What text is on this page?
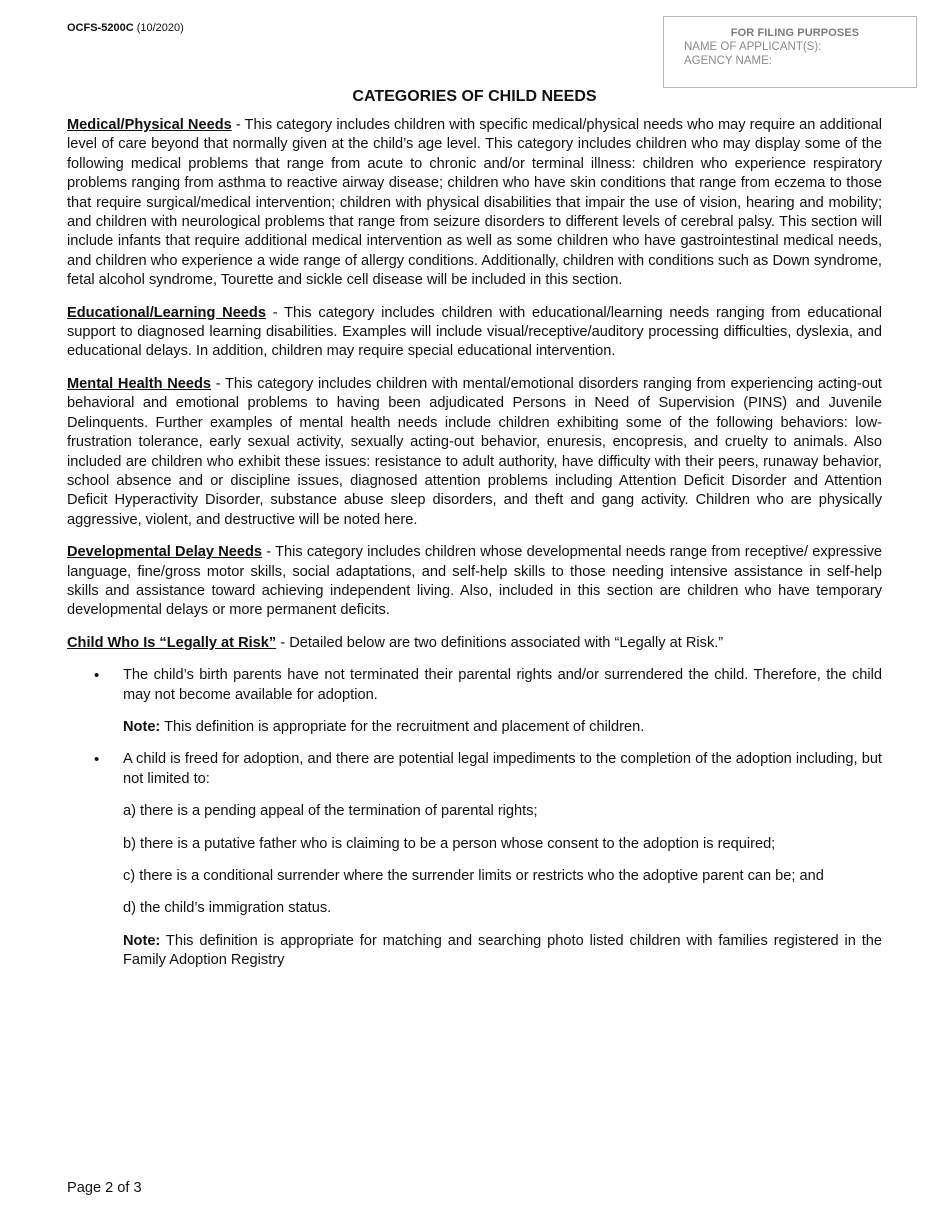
OCFS-5200C (10/2020)	FOR FILING PURPOSES
NAME OF APPLICANT(S):
AGENCY NAME:
CATEGORIES OF CHILD NEEDS

Medical/Physical Needs - This category includes children with specific medical/physical needs who may require an additional level of care beyond that normally given at the child’s age level. This category includes children who may display some of the following medical problems that range from acute to chronic and/or terminal illness: children who experience respiratory problems ranging from asthma to reactive airway disease; children who have skin conditions that range from eczema to those that require surgical/medical intervention; children with physical disabilities that impair the use of vision, hearing and mobility; and children with neurological problems that range from seizure disorders to different levels of cerebral palsy. This section will include infants that require additional medical intervention as well as some children who have gastrointestinal medical needs, and children who experience a wide range of allergy conditions. Additionally, children with conditions such as Down syndrome, fetal alcohol syndrome, Tourette and sickle cell disease will be included in this section.

Educational/Learning Needs - This category includes children with educational/learning needs ranging from educational support to diagnosed learning disabilities. Examples will include visual/receptive/auditory processing difficulties, dyslexia, and educational delays. In addition, children may require special educational intervention.

Mental Health Needs - This category includes children with mental/emotional disorders ranging from experiencing acting-out behavioral and emotional problems to having been adjudicated Persons in Need of Supervision (PINS) and Juvenile Delinquents. Further examples of mental health needs include children exhibiting some of the following behaviors: low-frustration tolerance, early sexual activity, sexually acting-out behavior, enuresis, encopresis, and cruelty to animals. Also included are children who exhibit these issues: resistance to adult authority, have difficulty with their peers, runaway behavior, school absence and or discipline issues, diagnosed attention problems including Attention Deficit Disorder and Attention Deficit Hyperactivity Disorder, substance abuse sleep disorders, and theft and gang activity. Children who are physically aggressive, violent, and destructive will be noted here.

Developmental Delay Needs - This category includes children whose developmental needs range from receptive/ expressive language, fine/gross motor skills, social adaptations, and self-help skills to those needing intensive assistance in self-help skills and assistance toward achieving independent living. Also, included in this section are children who have temporary developmental delays or more permanent deficits.

Child Who Is “Legally at Risk” - Detailed below are two definitions associated with “Legally at Risk.”

• The child’s birth parents have not terminated their parental rights and/or surrendered the child. Therefore, the child may not become available for adoption.

Note: This definition is appropriate for the recruitment and placement of children.

• A child is freed for adoption, and there are potential legal impediments to the completion of the adoption including, but not limited to:

a) there is a pending appeal of the termination of parental rights;

b) there is a putative father who is claiming to be a person whose consent to the adoption is required;

c) there is a conditional surrender where the surrender limits or restricts who the adoptive parent can be; and

d) the child’s immigration status.

Note: This definition is appropriate for matching and searching photo listed children with families registered in the Family Adoption Registry

Page 2 of 3
